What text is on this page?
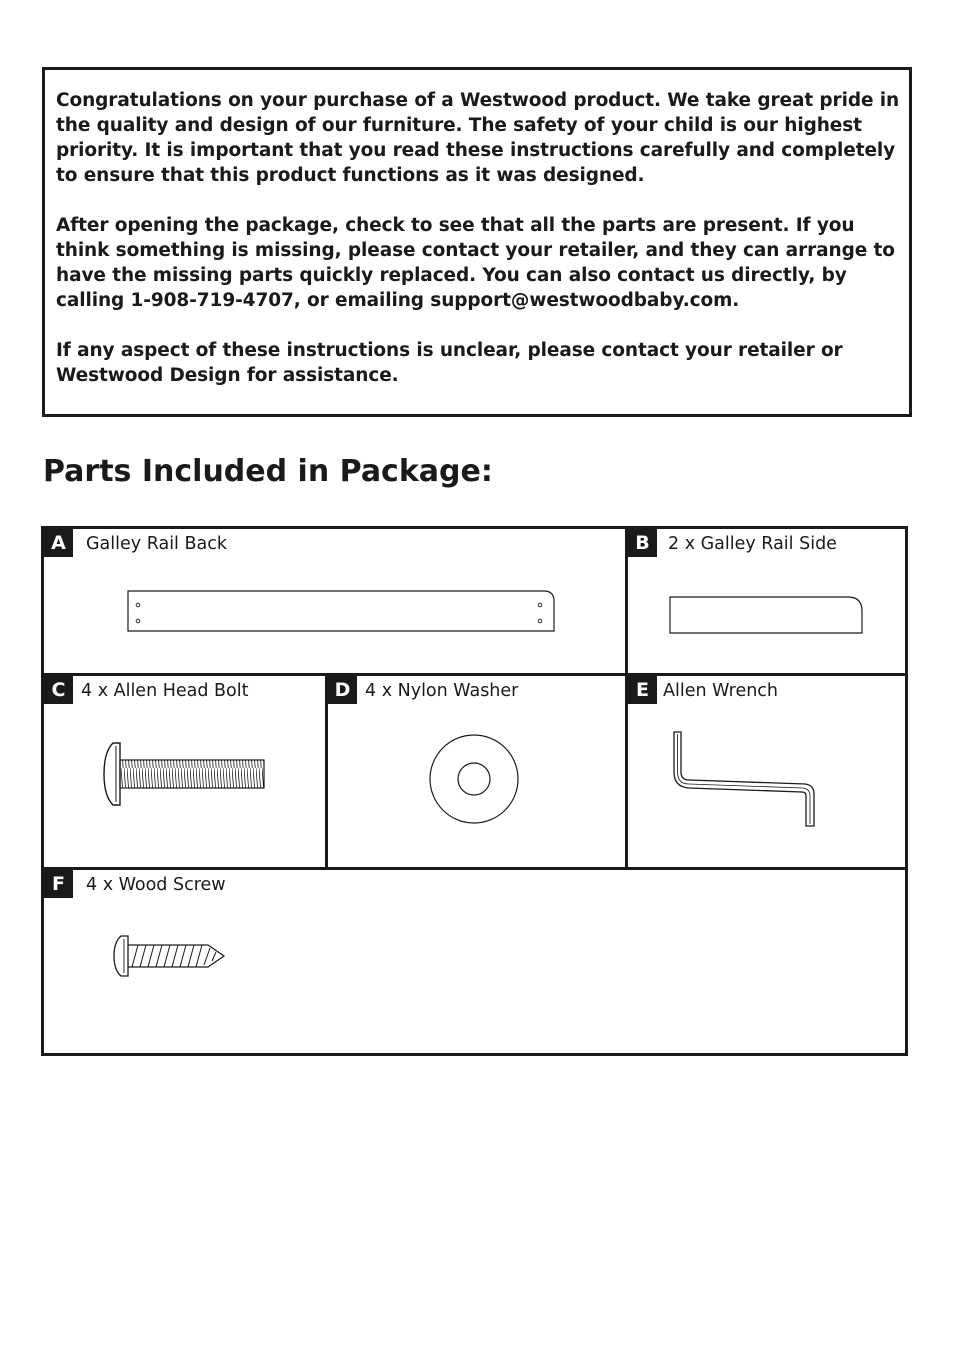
Congratulations on your purchase of a Westwood product. We take great pride in the quality and design of our furniture. The safety of your child is our highest priority. It is important that you read these instructions carefully and completely to ensure that this product functions as it was designed.

After opening the package, check to see that all the parts are present. If you think something is missing, please contact your retailer, and they can arrange to have the missing parts quickly replaced. You can also contact us directly, by calling 1-908-719-4707, or emailing support@westwoodbaby.com.

If any aspect of these instructions is unclear, please contact your retailer or Westwood Design for assistance.

Parts Included in Package:
A	Galley Rail Back	B	2 x Galley Rail Side
C 4 x Allen Head Bolt	D 4 x Nylon Washer	E Allen Wrench
F	4 x Wood Screw
